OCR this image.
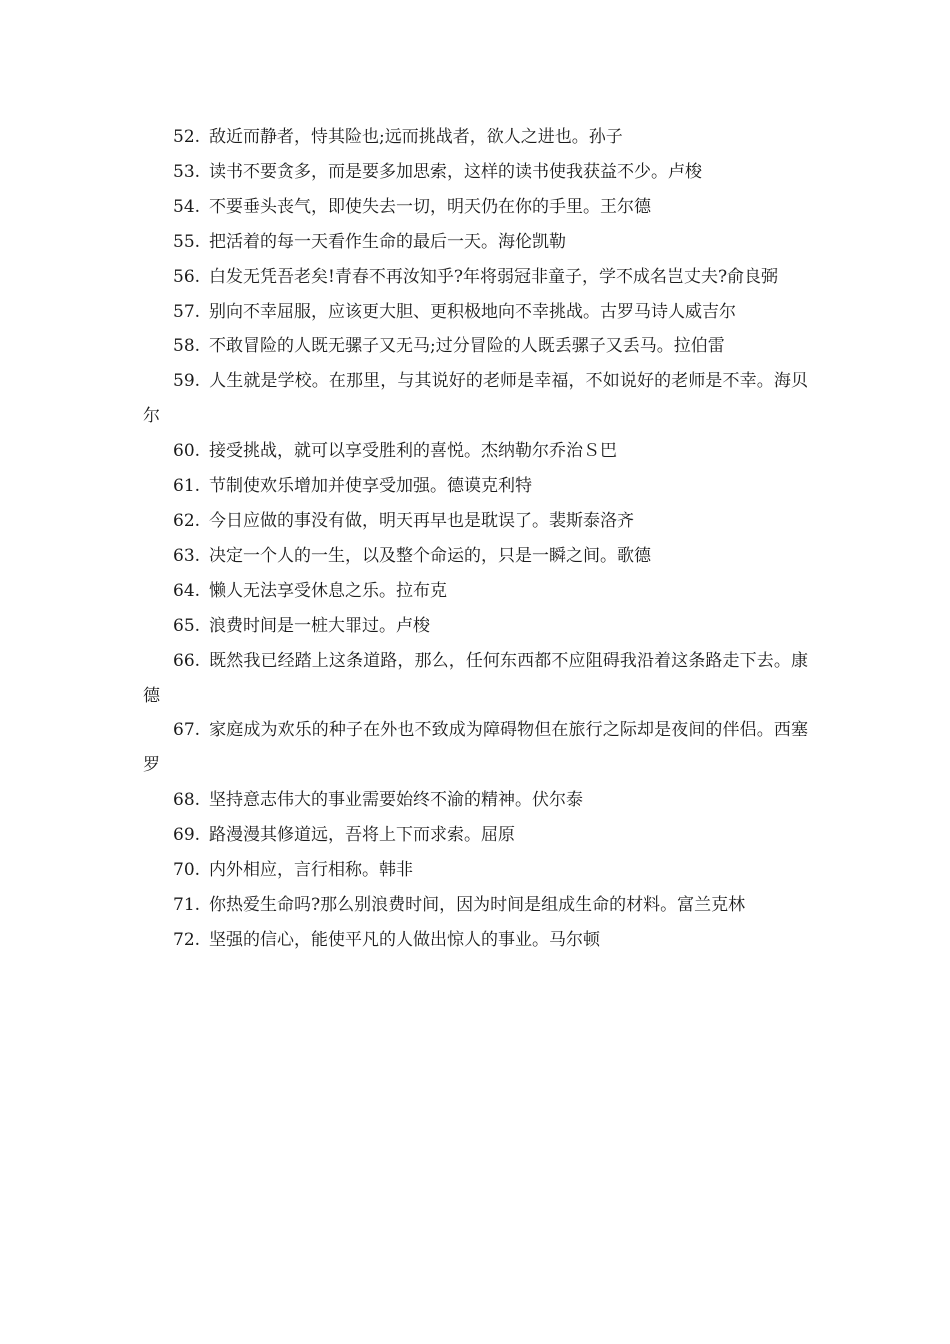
52. 敌近而静者，恃其险也;远而挑战者，欲人之进也。孙子

53. 读书不要贪多，而是要多加思索，这样的读书使我获益不少。卢梭

54. 不要垂头丧气，即使失去一切，明天仍在你的手里。王尔德

55. 把活着的每一天看作生命的最后一天。海伦凯勒

56. 白发无凭吾老矣!青春不再汝知乎?年将弱冠非童子，学不成名岂丈夫?俞良弼

57. 别向不幸屈服，应该更大胆、更积极地向不幸挑战。古罗马诗人威吉尔

58. 不敢冒险的人既无骡子又无马;过分冒险的人既丢骡子又丢马。拉伯雷

59. 人生就是学校。在那里，与其说好的老师是幸福，不如说好的老师是不幸。海贝尔

60. 接受挑战，就可以享受胜利的喜悦。杰纳勒尔乔治Ｓ巴

61. 节制使欢乐增加并使享受加强。德谟克利特

62. 今日应做的事没有做，明天再早也是耽误了。裴斯泰洛齐

63. 决定一个人的一生，以及整个命运的，只是一瞬之间。歌德

64. 懒人无法享受休息之乐。拉布克

65. 浪费时间是一桩大罪过。卢梭

66. 既然我已经踏上这条道路，那么，任何东西都不应阻碍我沿着这条路走下去。康德

67. 家庭成为欢乐的种子在外也不致成为障碍物但在旅行之际却是夜间的伴侣。西塞罗

68. 坚持意志伟大的事业需要始终不渝的精神。伏尔泰

69. 路漫漫其修道远，吾将上下而求索。屈原

70. 内外相应，言行相称。韩非

71. 你热爱生命吗?那么别浪费时间，因为时间是组成生命的材料。富兰克林

72. 坚强的信心，能使平凡的人做出惊人的事业。马尔顿
